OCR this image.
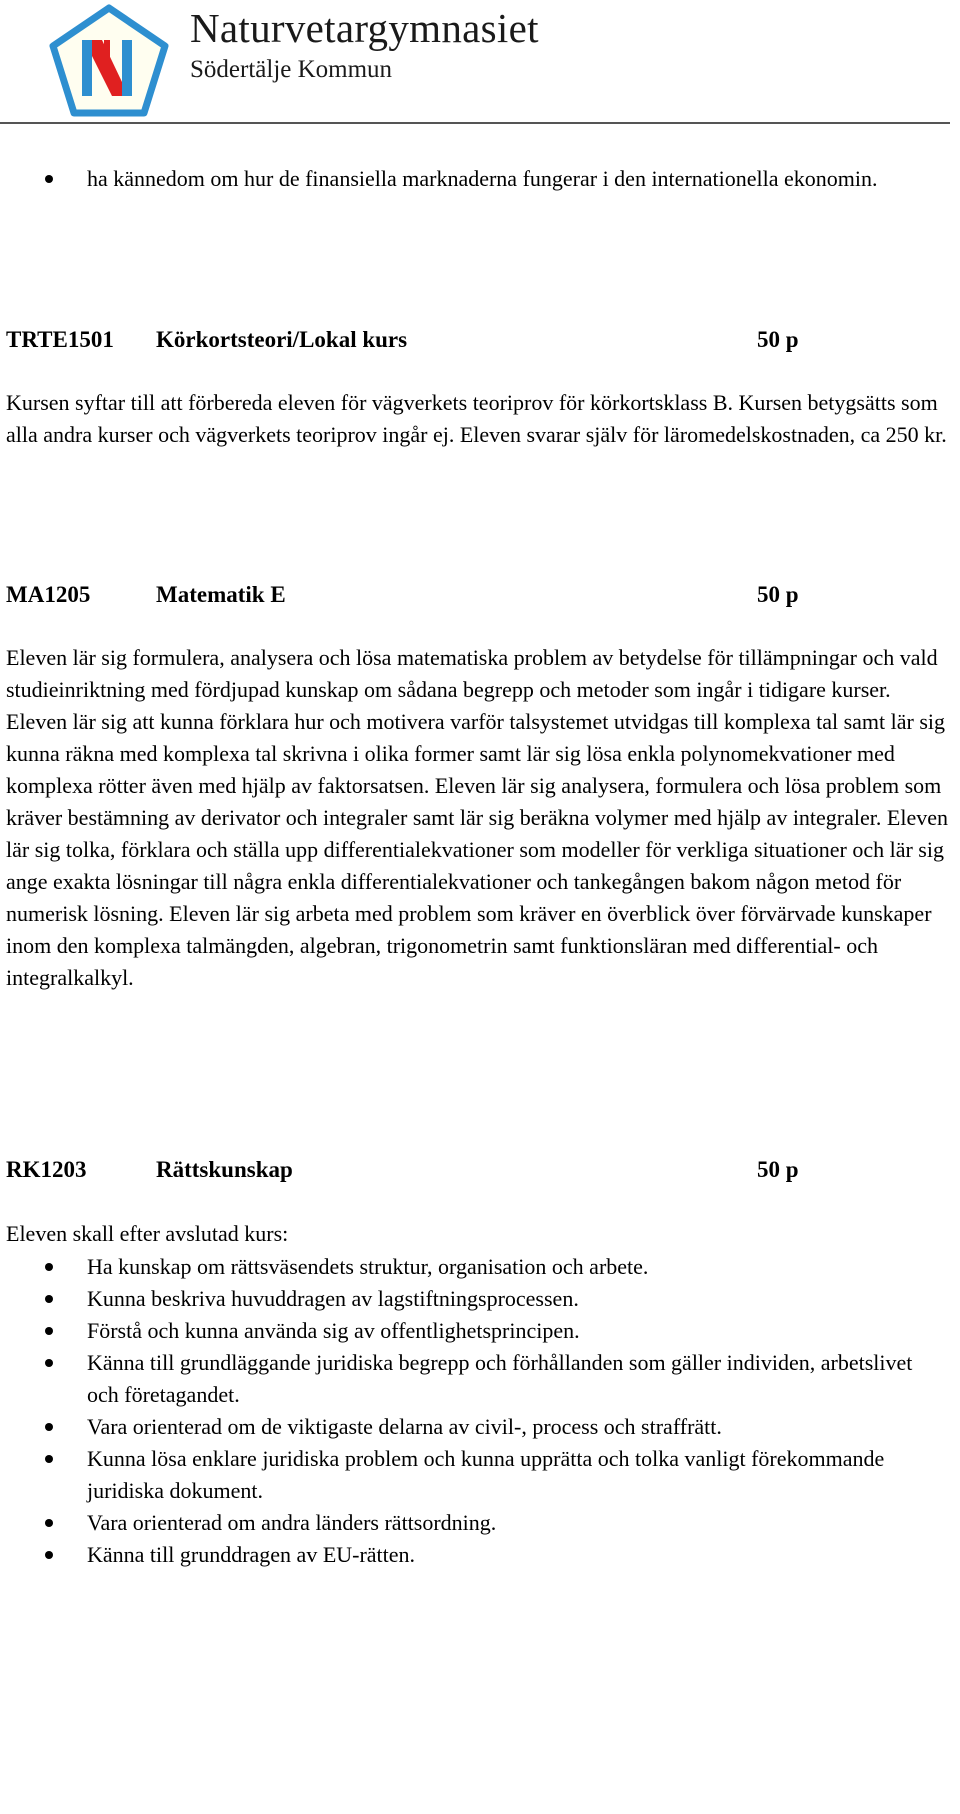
Naturvetargymnasiet
Södertälje Kommun
ha kännedom om hur de finansiella marknaderna fungerar i den internationella ekonomin.
TRTE1501 Körkortsteori/Lokal kurs	50 p

Kursen syftar till att förbereda eleven för vägverkets teoriprov för körkortsklass B. Kursen betygsätts som alla andra kurser och vägverkets teoriprov ingår ej. Eleven svarar själv för läromedelskostnaden, ca 250 kr.

MA1205	Matematik E	50 p

Eleven lär sig formulera, analysera och lösa matematiska problem av betydelse för tillämpningar och vald studieinriktning med fördjupad kunskap om sådana begrepp och metoder som ingår i tidigare kurser. Eleven lär sig att kunna förklara hur och motivera varför talsystemet utvidgas till komplexa tal samt lär sig kunna räkna med komplexa tal skrivna i olika former samt lär sig lösa enkla polynomekvationer med komplexa rötter även med hjälp av faktorsatsen. Eleven lär sig analysera, formulera och lösa problem som kräver bestämning av derivator och integraler samt lär sig beräkna volymer med hjälp av integraler. Eleven lär sig tolka, förklara och ställa upp differentialekvationer som modeller för verkliga situationer och lär sig ange exakta lösningar till några enkla differentialekvationer och tankegången bakom någon metod för numerisk lösning. Eleven lär sig arbeta med problem som kräver en överblick över förvärvade kunskaper inom den komplexa talmängden, algebran, trigonometrin samt funktionsläran med differential- och integralkalkyl.

RK1203	Rättskunskap	50 p

Eleven skall efter avslutad kurs:

Ha kunskap om rättsväsendets struktur, organisation och arbete.
Kunna beskriva huvuddragen av lagstiftningsprocessen.
Förstå och kunna använda sig av offentlighetsprincipen.
Känna till grundläggande juridiska begrepp och förhållanden som gäller individen, arbetslivet och företagandet.
Vara orienterad om de viktigaste delarna av civil-, process och straffrätt.
Kunna lösa enklare juridiska problem och kunna upprätta och tolka vanligt förekommande juridiska dokument.
Vara orienterad om andra länders rättsordning.
Känna till grunddragen av EU-rätten.
